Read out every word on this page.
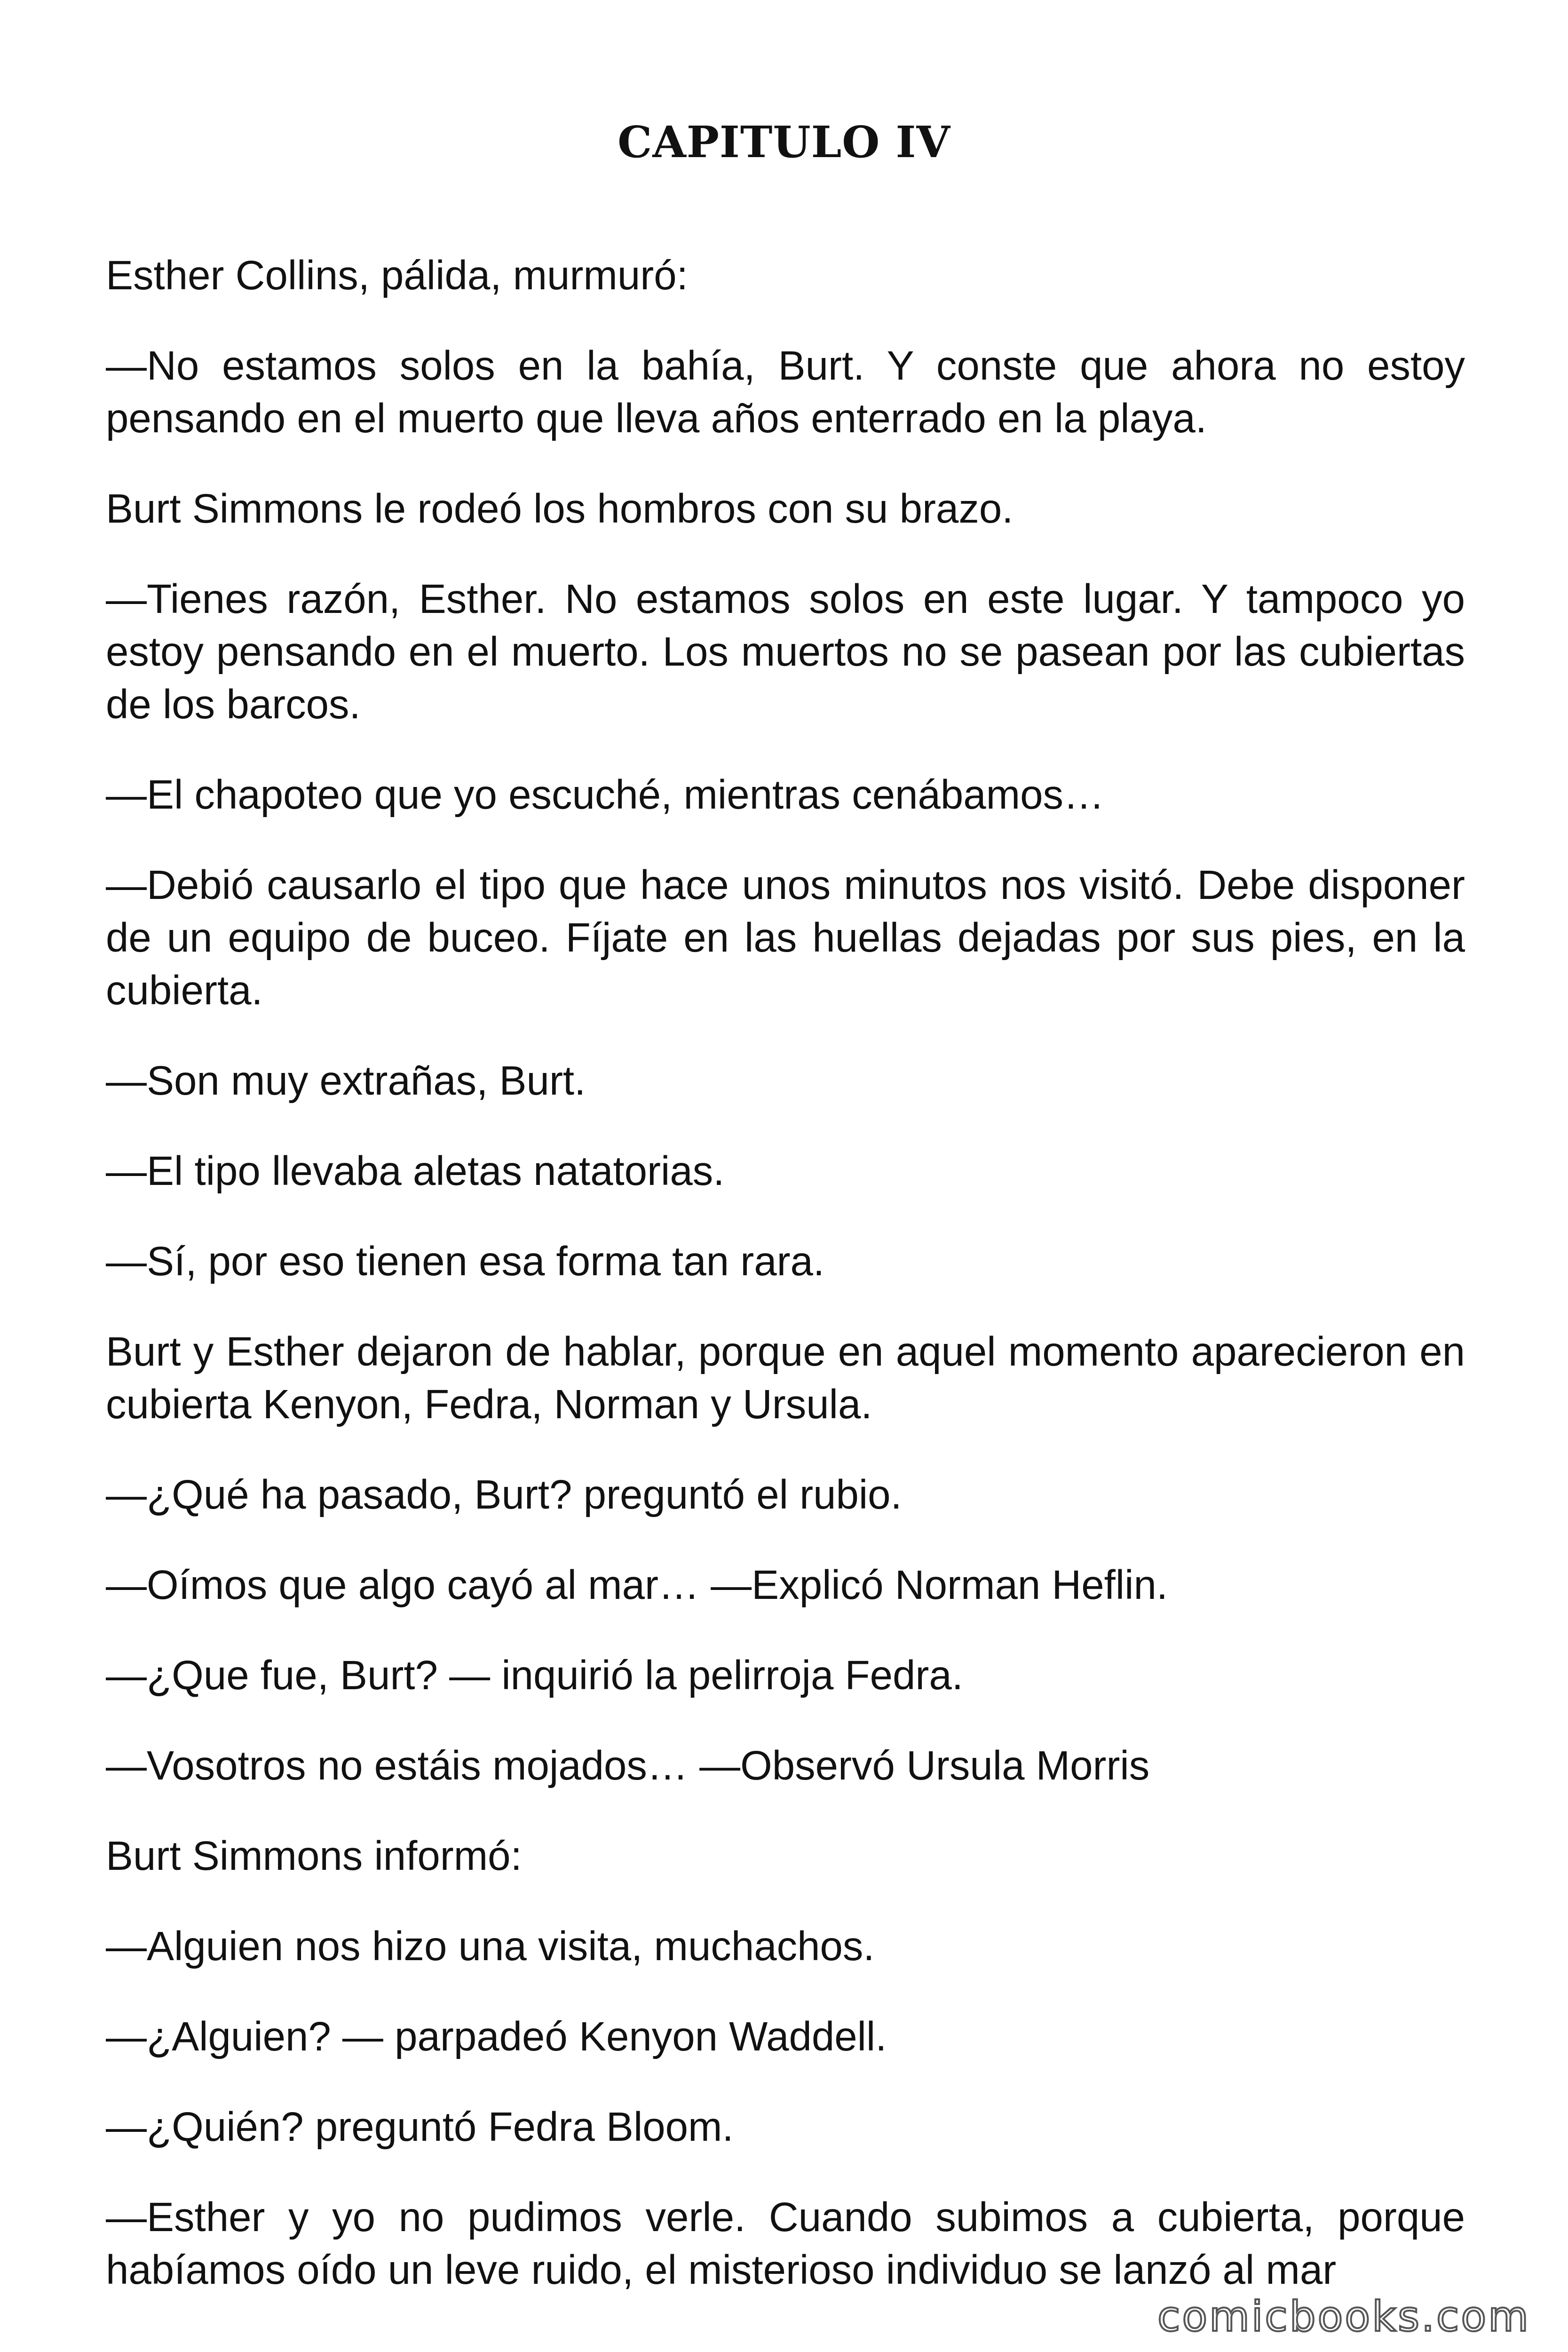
CAPITULO IV

Esther Collins, pálida, murmuró:

—No estamos solos en la bahía, Burt. Y conste que ahora no estoy pensando en el muerto que lleva años enterrado en la playa.

Burt Simmons le rodeó los hombros con su brazo.

—Tienes razón, Esther. No estamos solos en este lugar. Y tampoco yo estoy pensando en el muerto. Los muertos no se pasean por las cubiertas de los barcos.

—El chapoteo que yo escuché, mientras cenábamos…

—Debió causarlo el tipo que hace unos minutos nos visitó. Debe disponer de un equipo de buceo. Fíjate en las huellas dejadas por sus pies, en la cubierta.

—Son muy extrañas, Burt.

—El tipo llevaba aletas natatorias.

—Sí, por eso tienen esa forma tan rara.

Burt y Esther dejaron de hablar, porque en aquel momento aparecieron en cubierta Kenyon, Fedra, Norman y Ursula.

—¿Qué ha pasado, Burt? preguntó el rubio.

—Oímos que algo cayó al mar… —Explicó Norman Heflin.

—¿Que fue, Burt? — inquirió la pelirroja Fedra.

—Vosotros no estáis mojados… —Observó Ursula Morris

Burt Simmons informó:

—Alguien nos hizo una visita, muchachos.

—¿Alguien? — parpadeó Kenyon Waddell.

—¿Quién? preguntó Fedra Bloom.

—Esther y yo no pudimos verle. Cuando subimos a cubierta, porque habíamos oído un leve ruido, el misterioso individuo se lanzó al mar

comicbooks.com
